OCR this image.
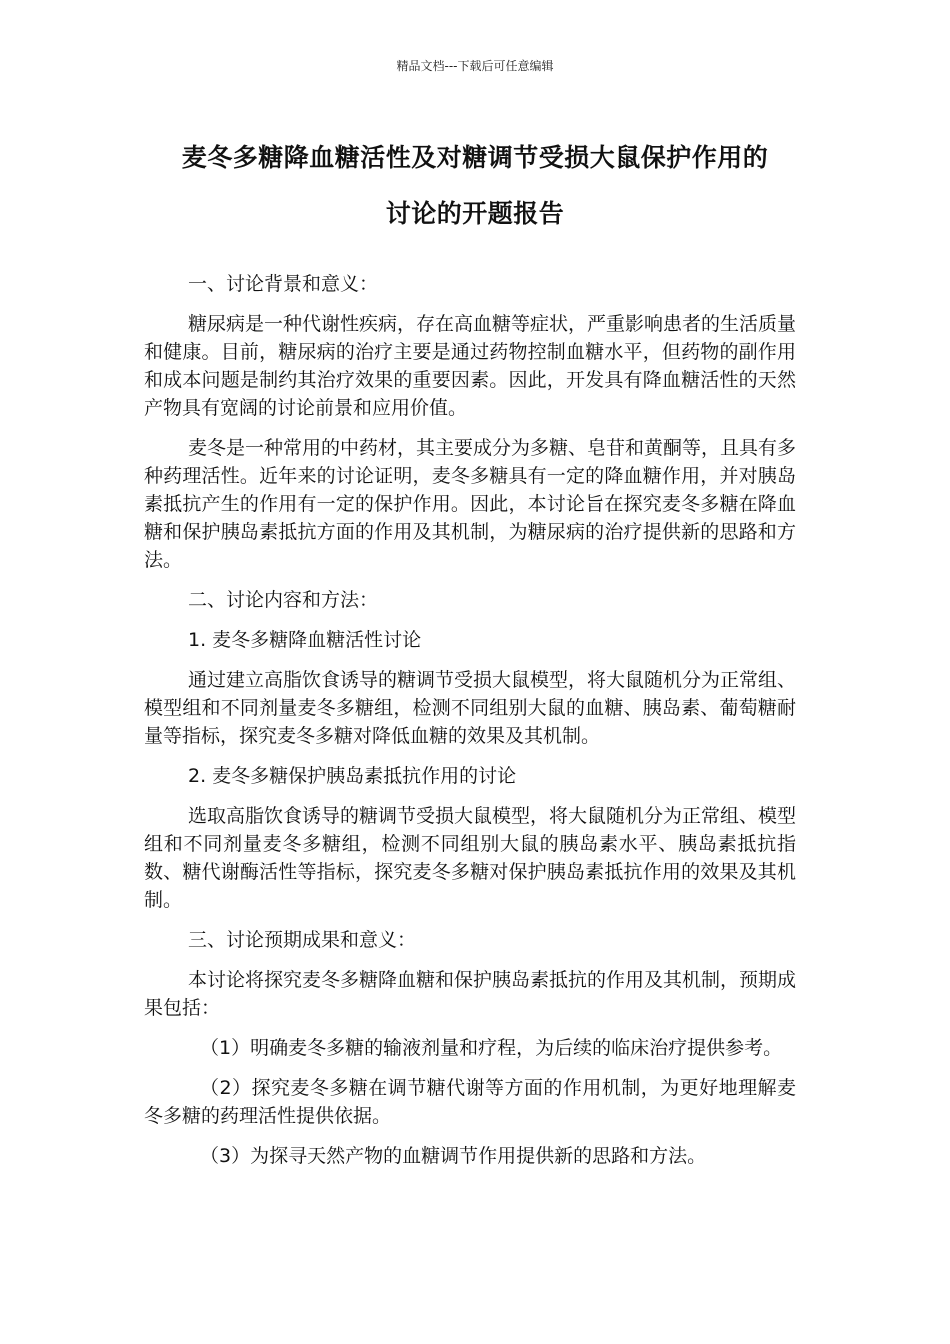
精品文档---下载后可任意编辑
麦冬多糖降血糖活性及对糖调节受损大鼠保护作用的
讨论的开题报告

一、讨论背景和意义：

糖尿病是一种代谢性疾病，存在高血糖等症状，严重影响患者的生活质量和健康。目前，糖尿病的治疗主要是通过药物控制血糖水平，但药物的副作用和成本问题是制约其治疗效果的重要因素。因此，开发具有降血糖活性的天然产物具有宽阔的讨论前景和应用价值。

麦冬是一种常用的中药材，其主要成分为多糖、皂苷和黄酮等，且具有多种药理活性。近年来的讨论证明，麦冬多糖具有一定的降血糖作用，并对胰岛素抵抗产生的作用有一定的保护作用。因此，本讨论旨在探究麦冬多糖在降血糖和保护胰岛素抵抗方面的作用及其机制，为糖尿病的治疗提供新的思路和方法。

二、讨论内容和方法：

1. 麦冬多糖降血糖活性讨论

通过建立高脂饮食诱导的糖调节受损大鼠模型，将大鼠随机分为正常组、模型组和不同剂量麦冬多糖组，检测不同组别大鼠的血糖、胰岛素、葡萄糖耐量等指标，探究麦冬多糖对降低血糖的效果及其机制。

2. 麦冬多糖保护胰岛素抵抗作用的讨论

选取高脂饮食诱导的糖调节受损大鼠模型，将大鼠随机分为正常组、模型组和不同剂量麦冬多糖组，检测不同组别大鼠的胰岛素水平、胰岛素抵抗指数、糖代谢酶活性等指标，探究麦冬多糖对保护胰岛素抵抗作用的效果及其机制。

三、讨论预期成果和意义：

本讨论将探究麦冬多糖降血糖和保护胰岛素抵抗的作用及其机制，预期成果包括：

（1）明确麦冬多糖的输液剂量和疗程，为后续的临床治疗提供参考。

（2）探究麦冬多糖在调节糖代谢等方面的作用机制，为更好地理解麦冬多糖的药理活性提供依据。

（3）为探寻天然产物的血糖调节作用提供新的思路和方法。
